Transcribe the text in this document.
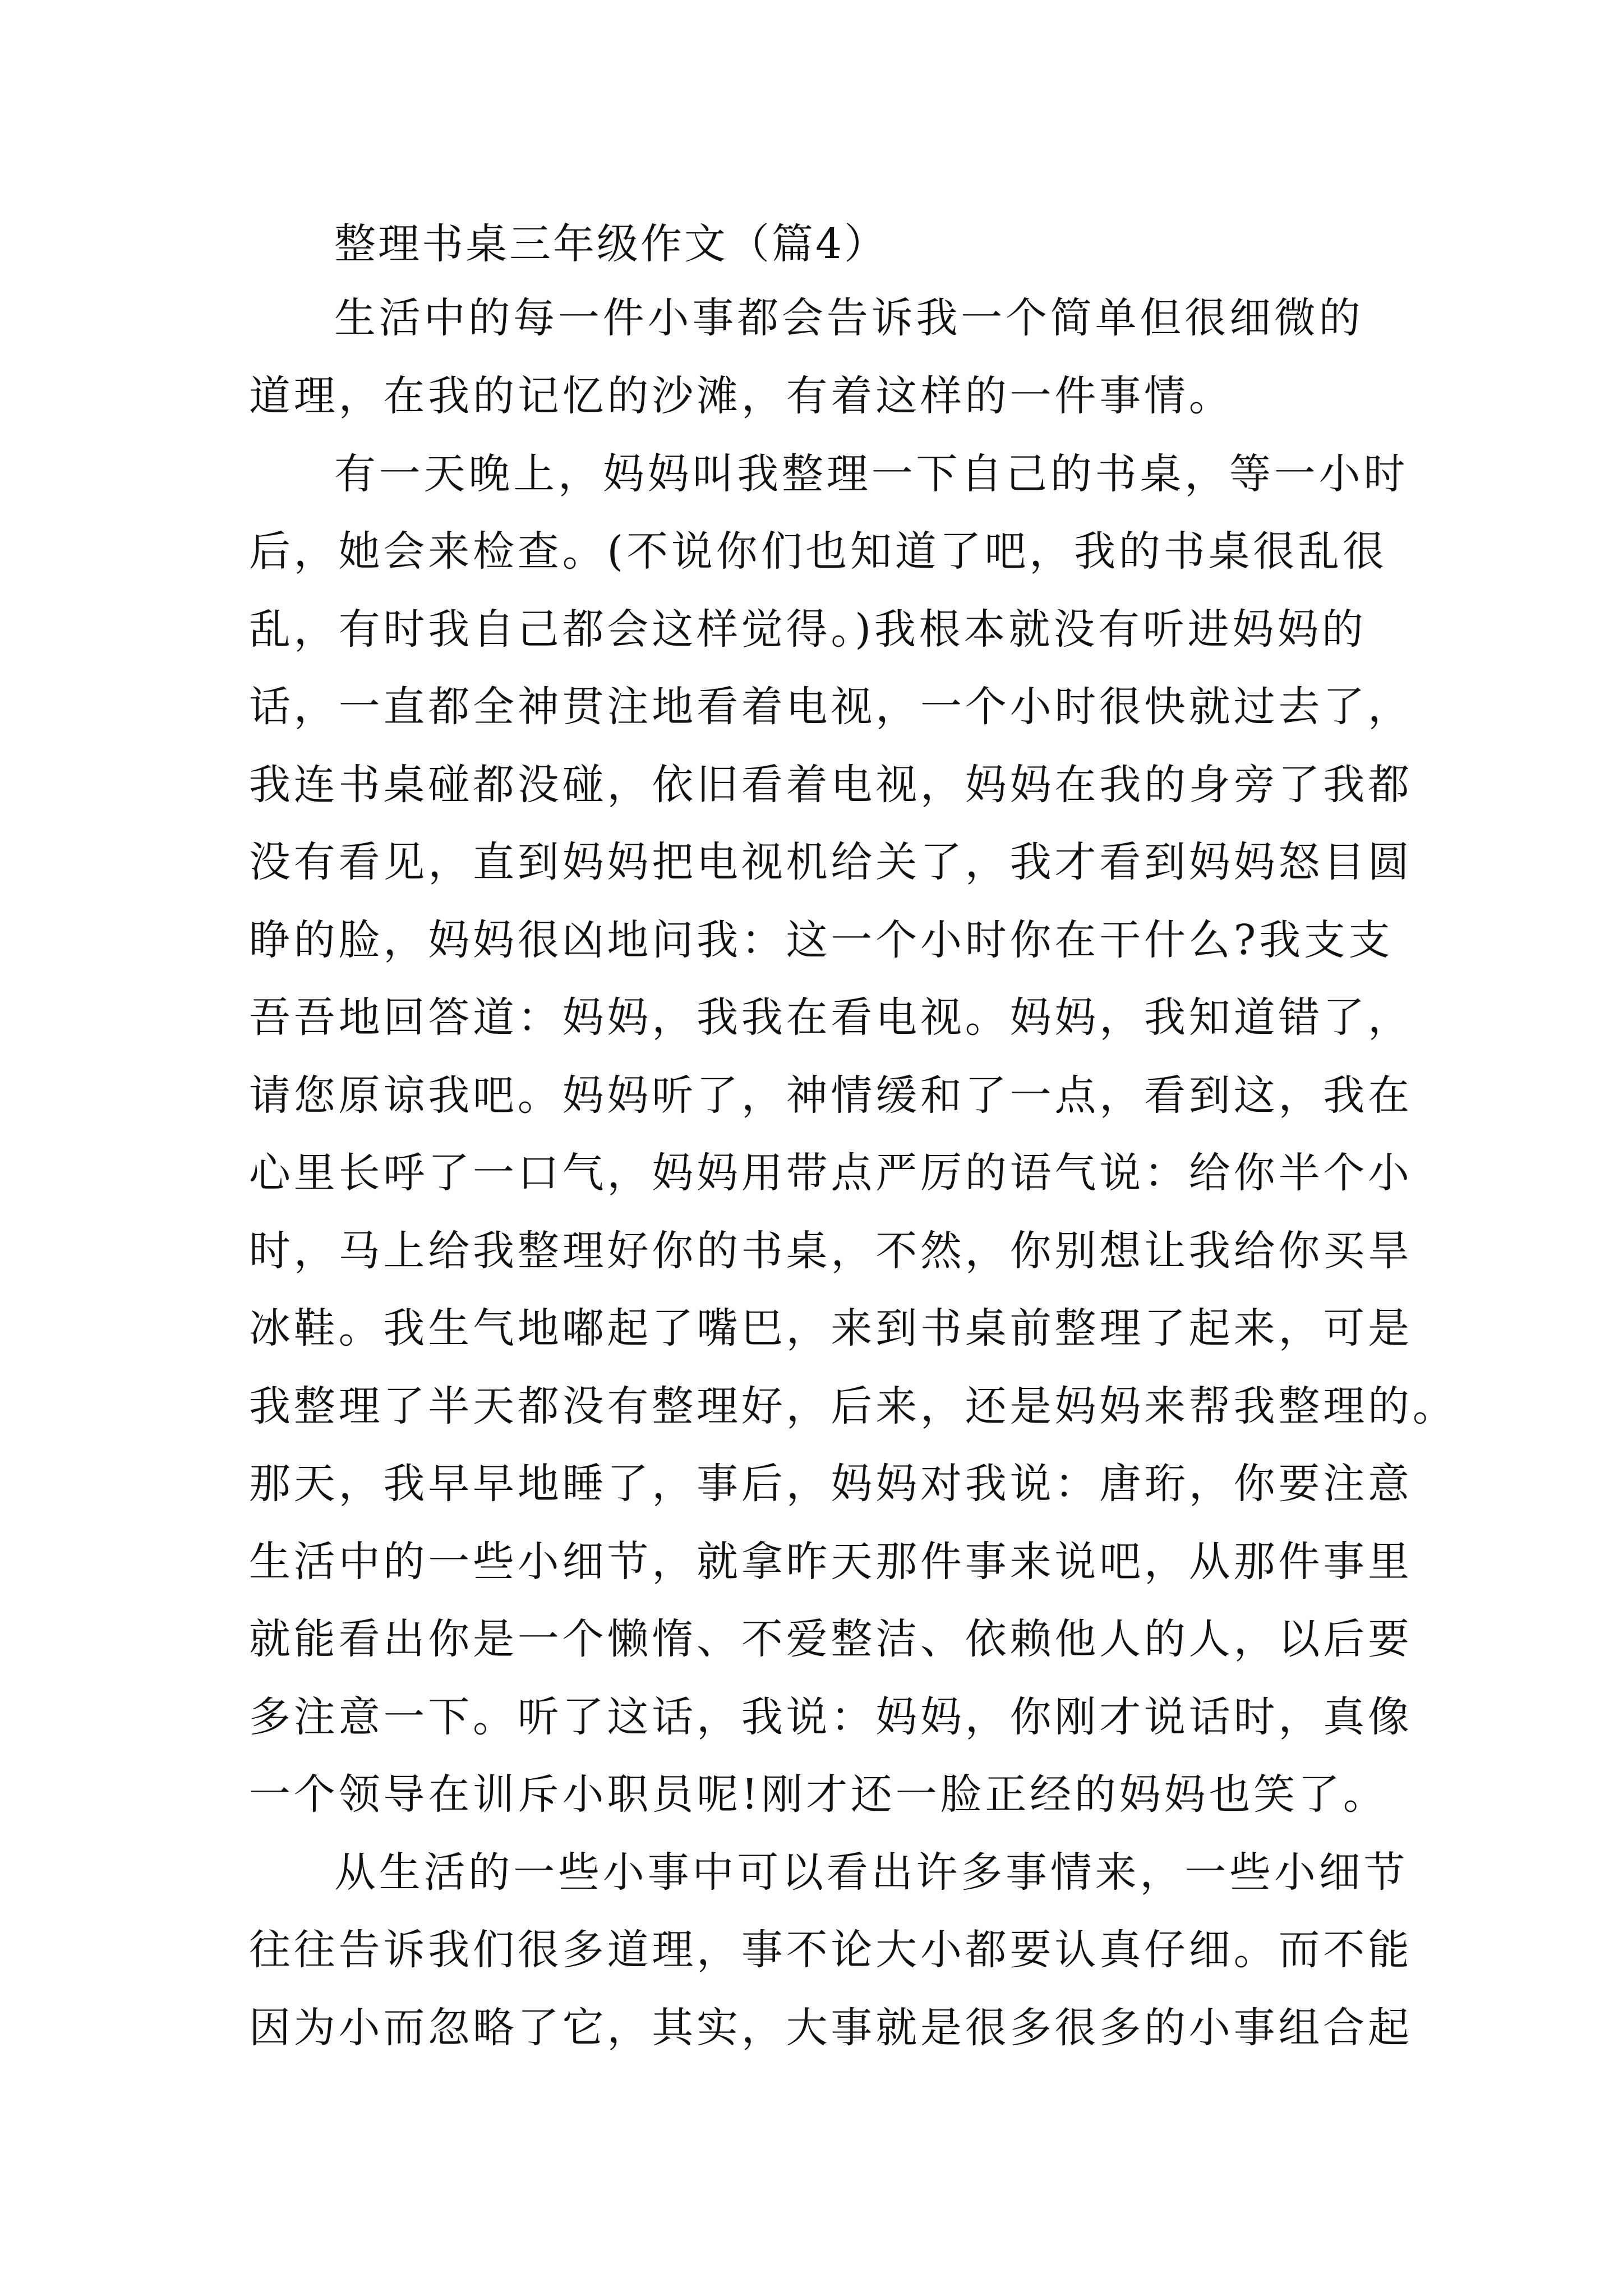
整理书桌三年级作文（篇4）
生活中的每一件小事都会告诉我一个简单但很细微的
道理，在我的记忆的沙滩，有着这样的一件事情。
有一天晚上，妈妈叫我整理一下自己的书桌，等一小时
后，她会来检查。(不说你们也知道了吧，我的书桌很乱很
乱，有时我自己都会这样觉得。)我根本就没有听进妈妈的
话，一直都全神贯注地看着电视，一个小时很快就过去了，
我连书桌碰都没碰，依旧看着电视，妈妈在我的身旁了我都
没有看见，直到妈妈把电视机给关了，我才看到妈妈怒目圆
睁的脸，妈妈很凶地问我：这一个小时你在干什么?我支支
吾吾地回答道：妈妈，我我在看电视。妈妈，我知道错了，
请您原谅我吧。妈妈听了，神情缓和了一点，看到这，我在
心里长呼了一口气，妈妈用带点严厉的语气说：给你半个小
时，马上给我整理好你的书桌，不然，你别想让我给你买旱
冰鞋。我生气地嘟起了嘴巴，来到书桌前整理了起来，可是
我整理了半天都没有整理好，后来，还是妈妈来帮我整理的。
那天，我早早地睡了，事后，妈妈对我说：唐珩，你要注意
生活中的一些小细节，就拿昨天那件事来说吧，从那件事里
就能看出你是一个懒惰、不爱整洁、依赖他人的人，以后要
多注意一下。听了这话，我说：妈妈，你刚才说话时，真像
一个领导在训斥小职员呢!刚才还一脸正经的妈妈也笑了。
从生活的一些小事中可以看出许多事情来，一些小细节
往往告诉我们很多道理，事不论大小都要认真仔细。而不能
因为小而忽略了它，其实，大事就是很多很多的小事组合起
